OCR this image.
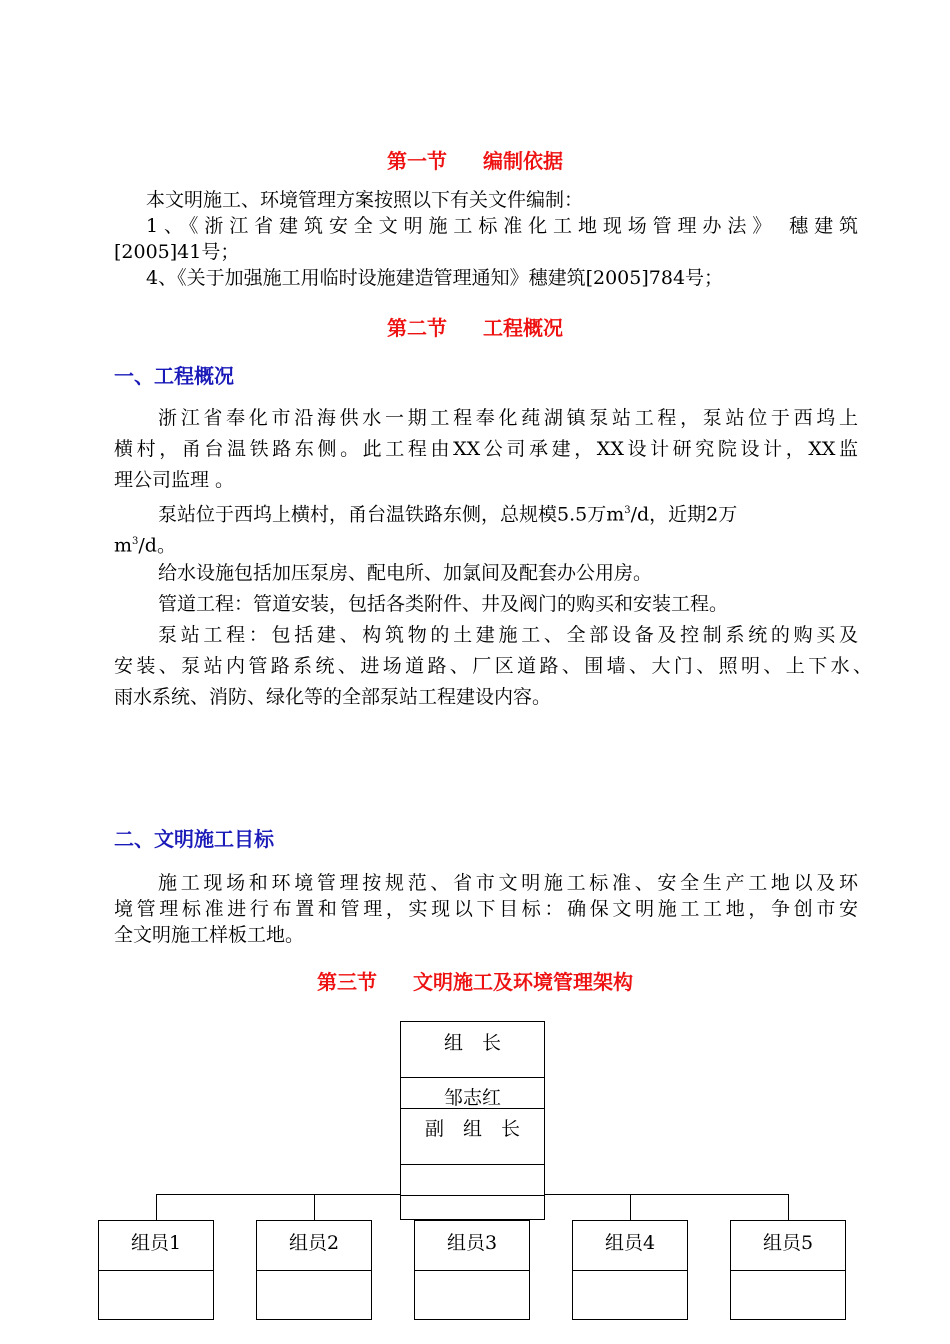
第一节 编制依据
本文明施工、环境管理方案按照以下有关文件编制：
1、《浙江省建筑安全文明施工标准化工地现场管理办法》 穗建筑
[2005]41号；
4、《关于加强施工用临时设施建造管理通知》穗建筑[2005]784号；
第二节 工程概况
一、工程概况
浙江省奉化市沿海供水一期工程奉化莼湖镇泵站工程，泵站位于西坞上
横村，甬台温铁路东侧。此工程由XX公司承建，XX设计研究院设计，XX监
理公司监理 。
泵站位于西坞上横村，甬台温铁路东侧，总规模5.5万$m^3/d$，近期2万
$m^3/d$。
给水设施包括加压泵房、配电所、加氯间及配套办公用房。
管道工程：管道安装，包括各类附件、井及阀门的购买和安装工程。
泵站工程：包括建、构筑物的土建施工、全部设备及控制系统的购买及
安装、泵站内管路系统、进场道路、厂区道路、围墙、大门、照明、上下水、
雨水系统、消防、绿化等的全部泵站工程建设内容。
二、文明施工目标
施工现场和环境管理按规范、省市文明施工标准、安全生产工地以及环
境管理标准进行布置和管理，实现以下目标：确保文明施工工地，争创市安
全文明施工样板工地。
第三节 文明施工及环境管理架构
组　长
邹志红
副　组　长
组员1	组员2	组员3	组员4	组员5
